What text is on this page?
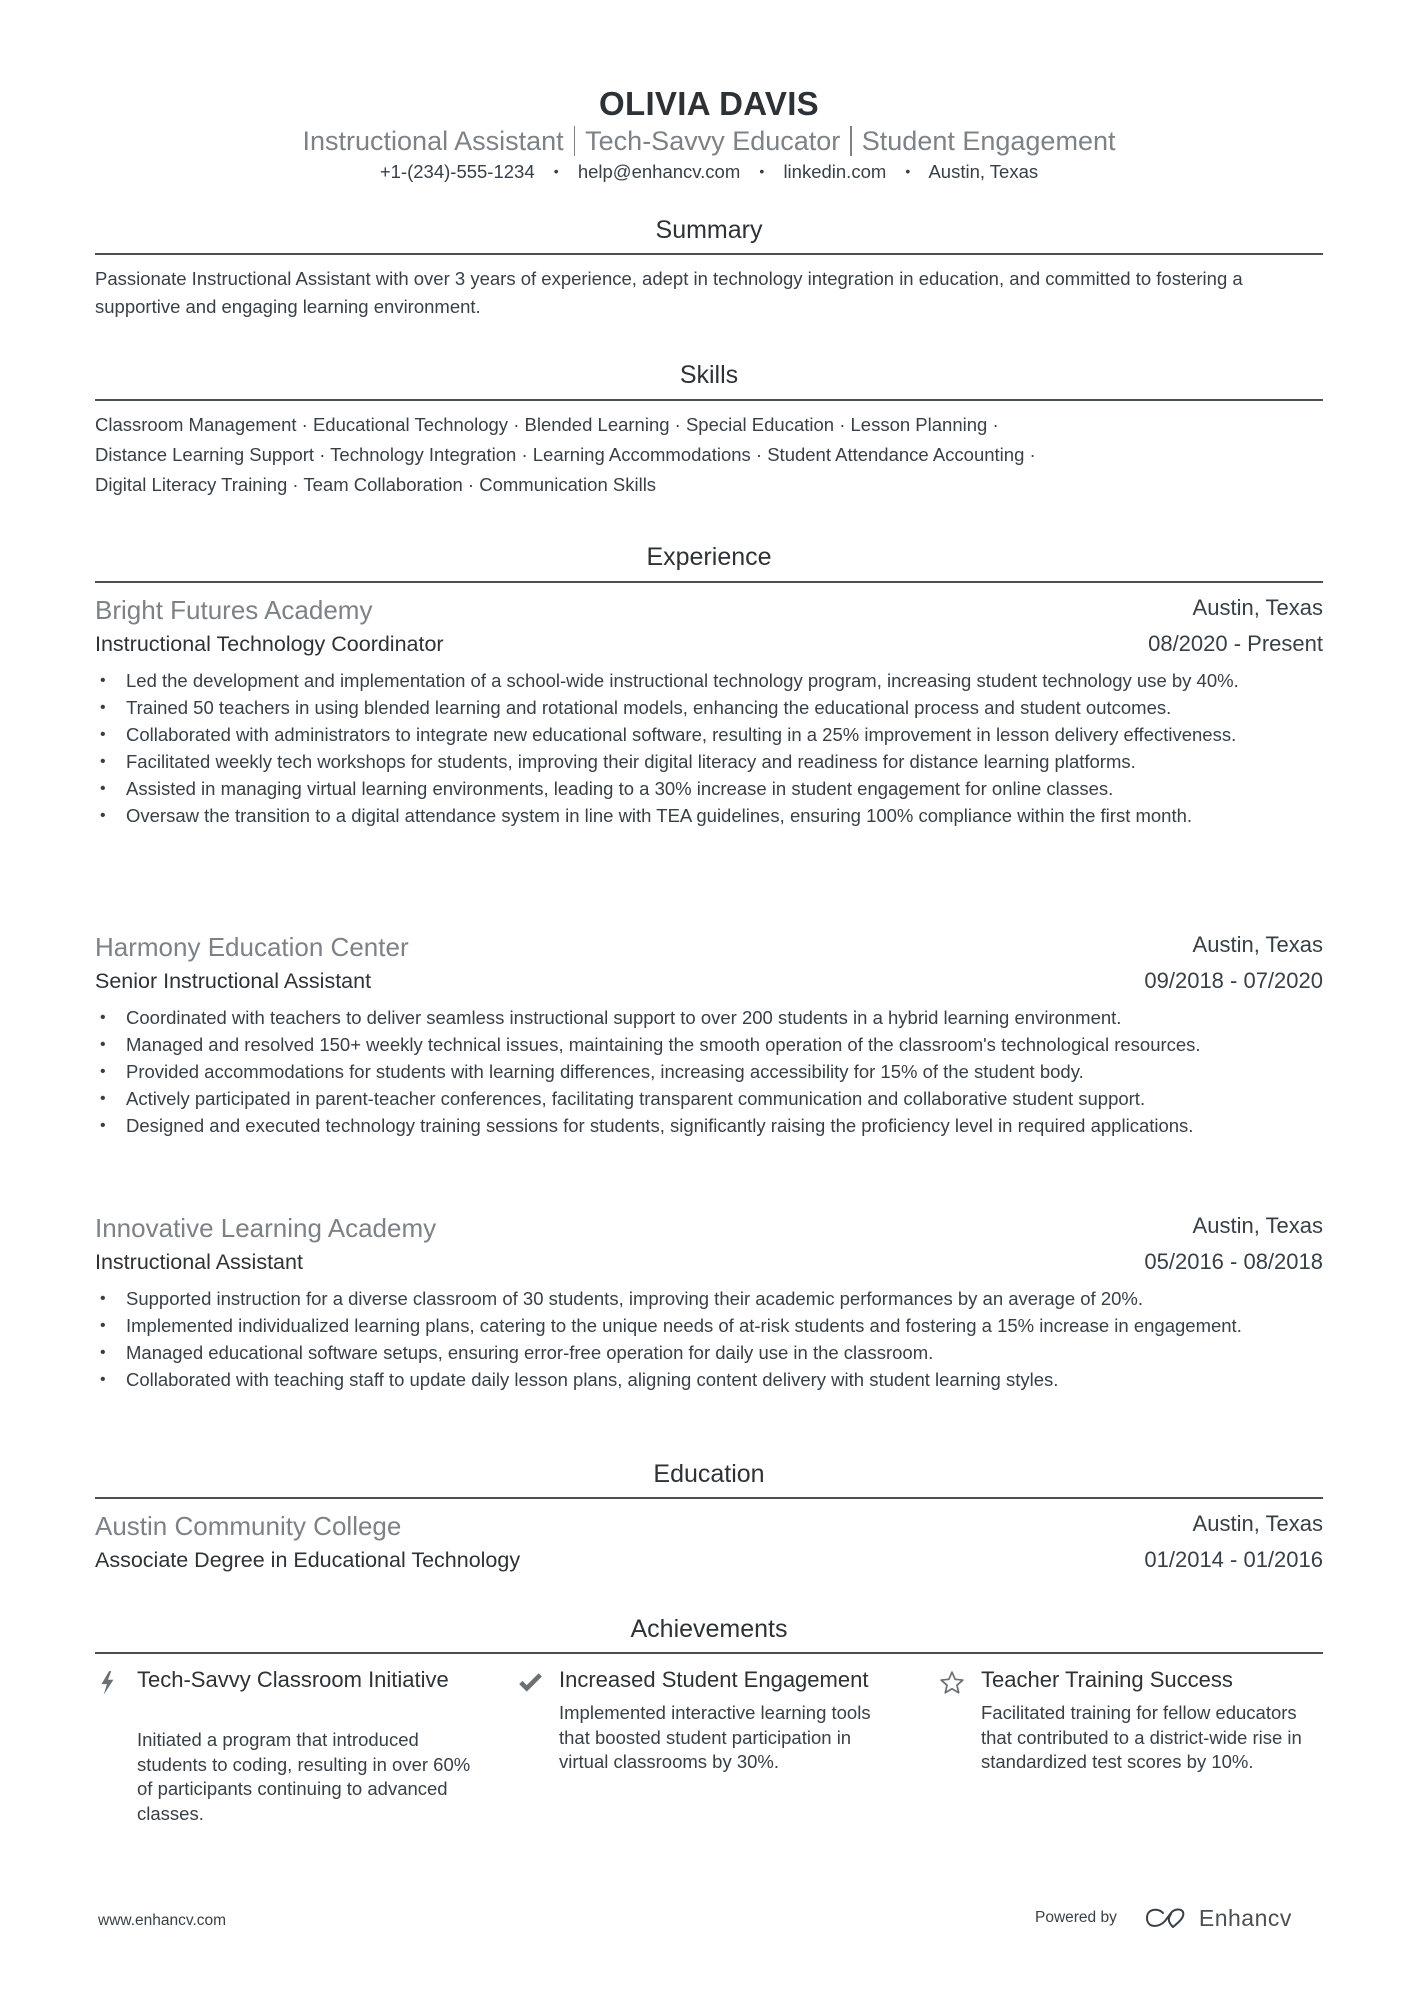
OLIVIA DAVIS
Instructional Assistant Tech-Savvy Educator Student Engagement
+1-(234)-555-1234 • help@enhancv.com • linkedin.com • Austin, Texas
Summary
Passionate Instructional Assistant with over 3 years of experience, adept in technology integration in education, and committed to fostering a supportive and engaging learning environment.
Skills
Classroom Management · Educational Technology · Blended Learning · Special Education · Lesson Planning ·
Distance Learning Support · Technology Integration · Learning Accommodations · Student Attendance Accounting ·
Digital Literacy Training · Team Collaboration · Communication Skills
Experience
Bright Futures Academy	Austin, Texas
Instructional Technology Coordinator	08/2020 - Present
• Led the development and implementation of a school-wide instructional technology program, increasing student technology use by 40%.
• Trained 50 teachers in using blended learning and rotational models, enhancing the educational process and student outcomes.
• Collaborated with administrators to integrate new educational software, resulting in a 25% improvement in lesson delivery effectiveness.
• Facilitated weekly tech workshops for students, improving their digital literacy and readiness for distance learning platforms.
• Assisted in managing virtual learning environments, leading to a 30% increase in student engagement for online classes.
• Oversaw the transition to a digital attendance system in line with TEA guidelines, ensuring 100% compliance within the first month.
Harmony Education Center	Austin, Texas
Senior Instructional Assistant	09/2018 - 07/2020
• Coordinated with teachers to deliver seamless instructional support to over 200 students in a hybrid learning environment.
• Managed and resolved 150+ weekly technical issues, maintaining the smooth operation of the classroom's technological resources.
• Provided accommodations for students with learning differences, increasing accessibility for 15% of the student body.
• Actively participated in parent-teacher conferences, facilitating transparent communication and collaborative student support.
• Designed and executed technology training sessions for students, significantly raising the proficiency level in required applications.
Innovative Learning Academy	Austin, Texas
Instructional Assistant	05/2016 - 08/2018
• Supported instruction for a diverse classroom of 30 students, improving their academic performances by an average of 20%.
• Implemented individualized learning plans, catering to the unique needs of at-risk students and fostering a 15% increase in engagement.
• Managed educational software setups, ensuring error-free operation for daily use in the classroom.
• Collaborated with teaching staff to update daily lesson plans, aligning content delivery with student learning styles.
Education
Austin Community College	Austin, Texas
Associate Degree in Educational Technology	01/2014 - 01/2016
Achievements
Tech-Savvy Classroom Initiative
Initiated a program that introduced students to coding, resulting in over 60% of participants continuing to advanced classes.
Increased Student Engagement
Implemented interactive learning tools that boosted student participation in virtual classrooms by 30%.
Teacher Training Success
Facilitated training for fellow educators that contributed to a district-wide rise in standardized test scores by 10%.
www.enhancv.com	Powered by	Enhancv
